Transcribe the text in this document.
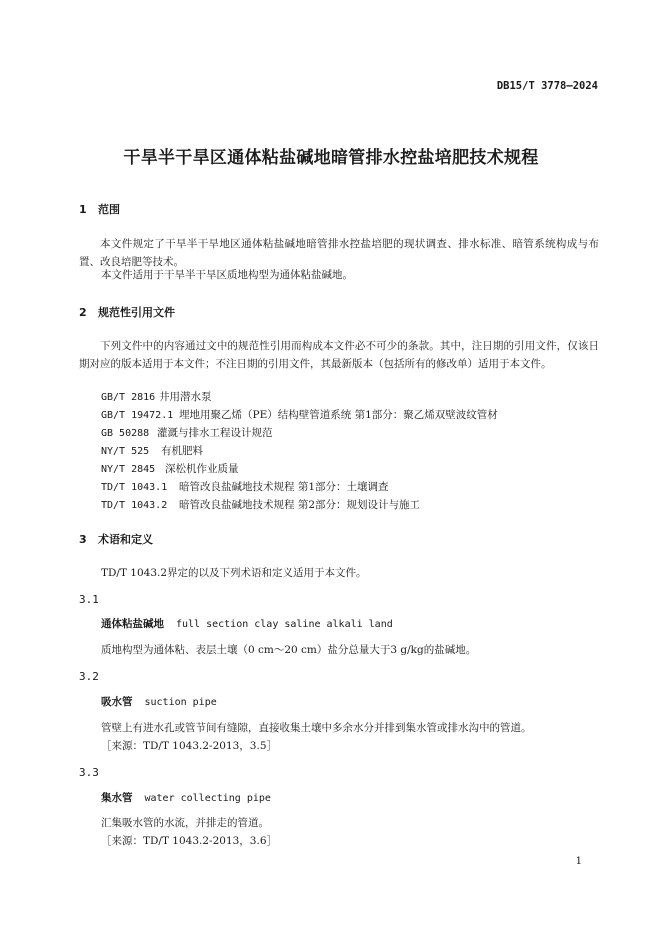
DB15/T 3778—2024
干旱半干旱区通体粘盐碱地暗管排水控盐培肥技术规程
1 范围
本文件规定了干旱半干旱地区通体粘盐碱地暗管排水控盐培肥的现状调查、排水标准、暗管系统构成与布置、改良培肥等技术。
本文件适用于干旱半干旱区质地构型为通体粘盐碱地。
2 规范性引用文件
下列文件中的内容通过文中的规范性引用而构成本文件必不可少的条款。其中，注日期的引用文件，仅该日期对应的版本适用于本文件；不注日期的引用文件，其最新版本（包括所有的修改单）适用于本文件。
GB/T 2816 井用潜水泵
GB/T 19472.1 埋地用聚乙烯（PE）结构壁管道系统 第1部分：聚乙烯双壁波纹管材
GB 50288 灌溉与排水工程设计规范
NY/T 525 有机肥料
NY/T 2845 深松机作业质量
TD/T 1043.1 暗管改良盐碱地技术规程 第1部分：土壤调查
TD/T 1043.2 暗管改良盐碱地技术规程 第2部分：规划设计与施工
3 术语和定义
TD/T 1043.2界定的以及下列术语和定义适用于本文件。
3.1
通体粘盐碱地 full section clay saline alkali land
质地构型为通体粘、表层土壤（0 cm～20 cm）盐分总量大于3 g/kg的盐碱地。
3.2
吸水管 suction pipe
管壁上有进水孔或管节间有缝隙，直接收集土壤中多余水分并排到集水管或排水沟中的管道。
［来源：TD/T 1043.2-2013，3.5］
3.3
集水管 water collecting pipe
汇集吸水管的水流，并排走的管道。
［来源：TD/T 1043.2-2013，3.6］
1
